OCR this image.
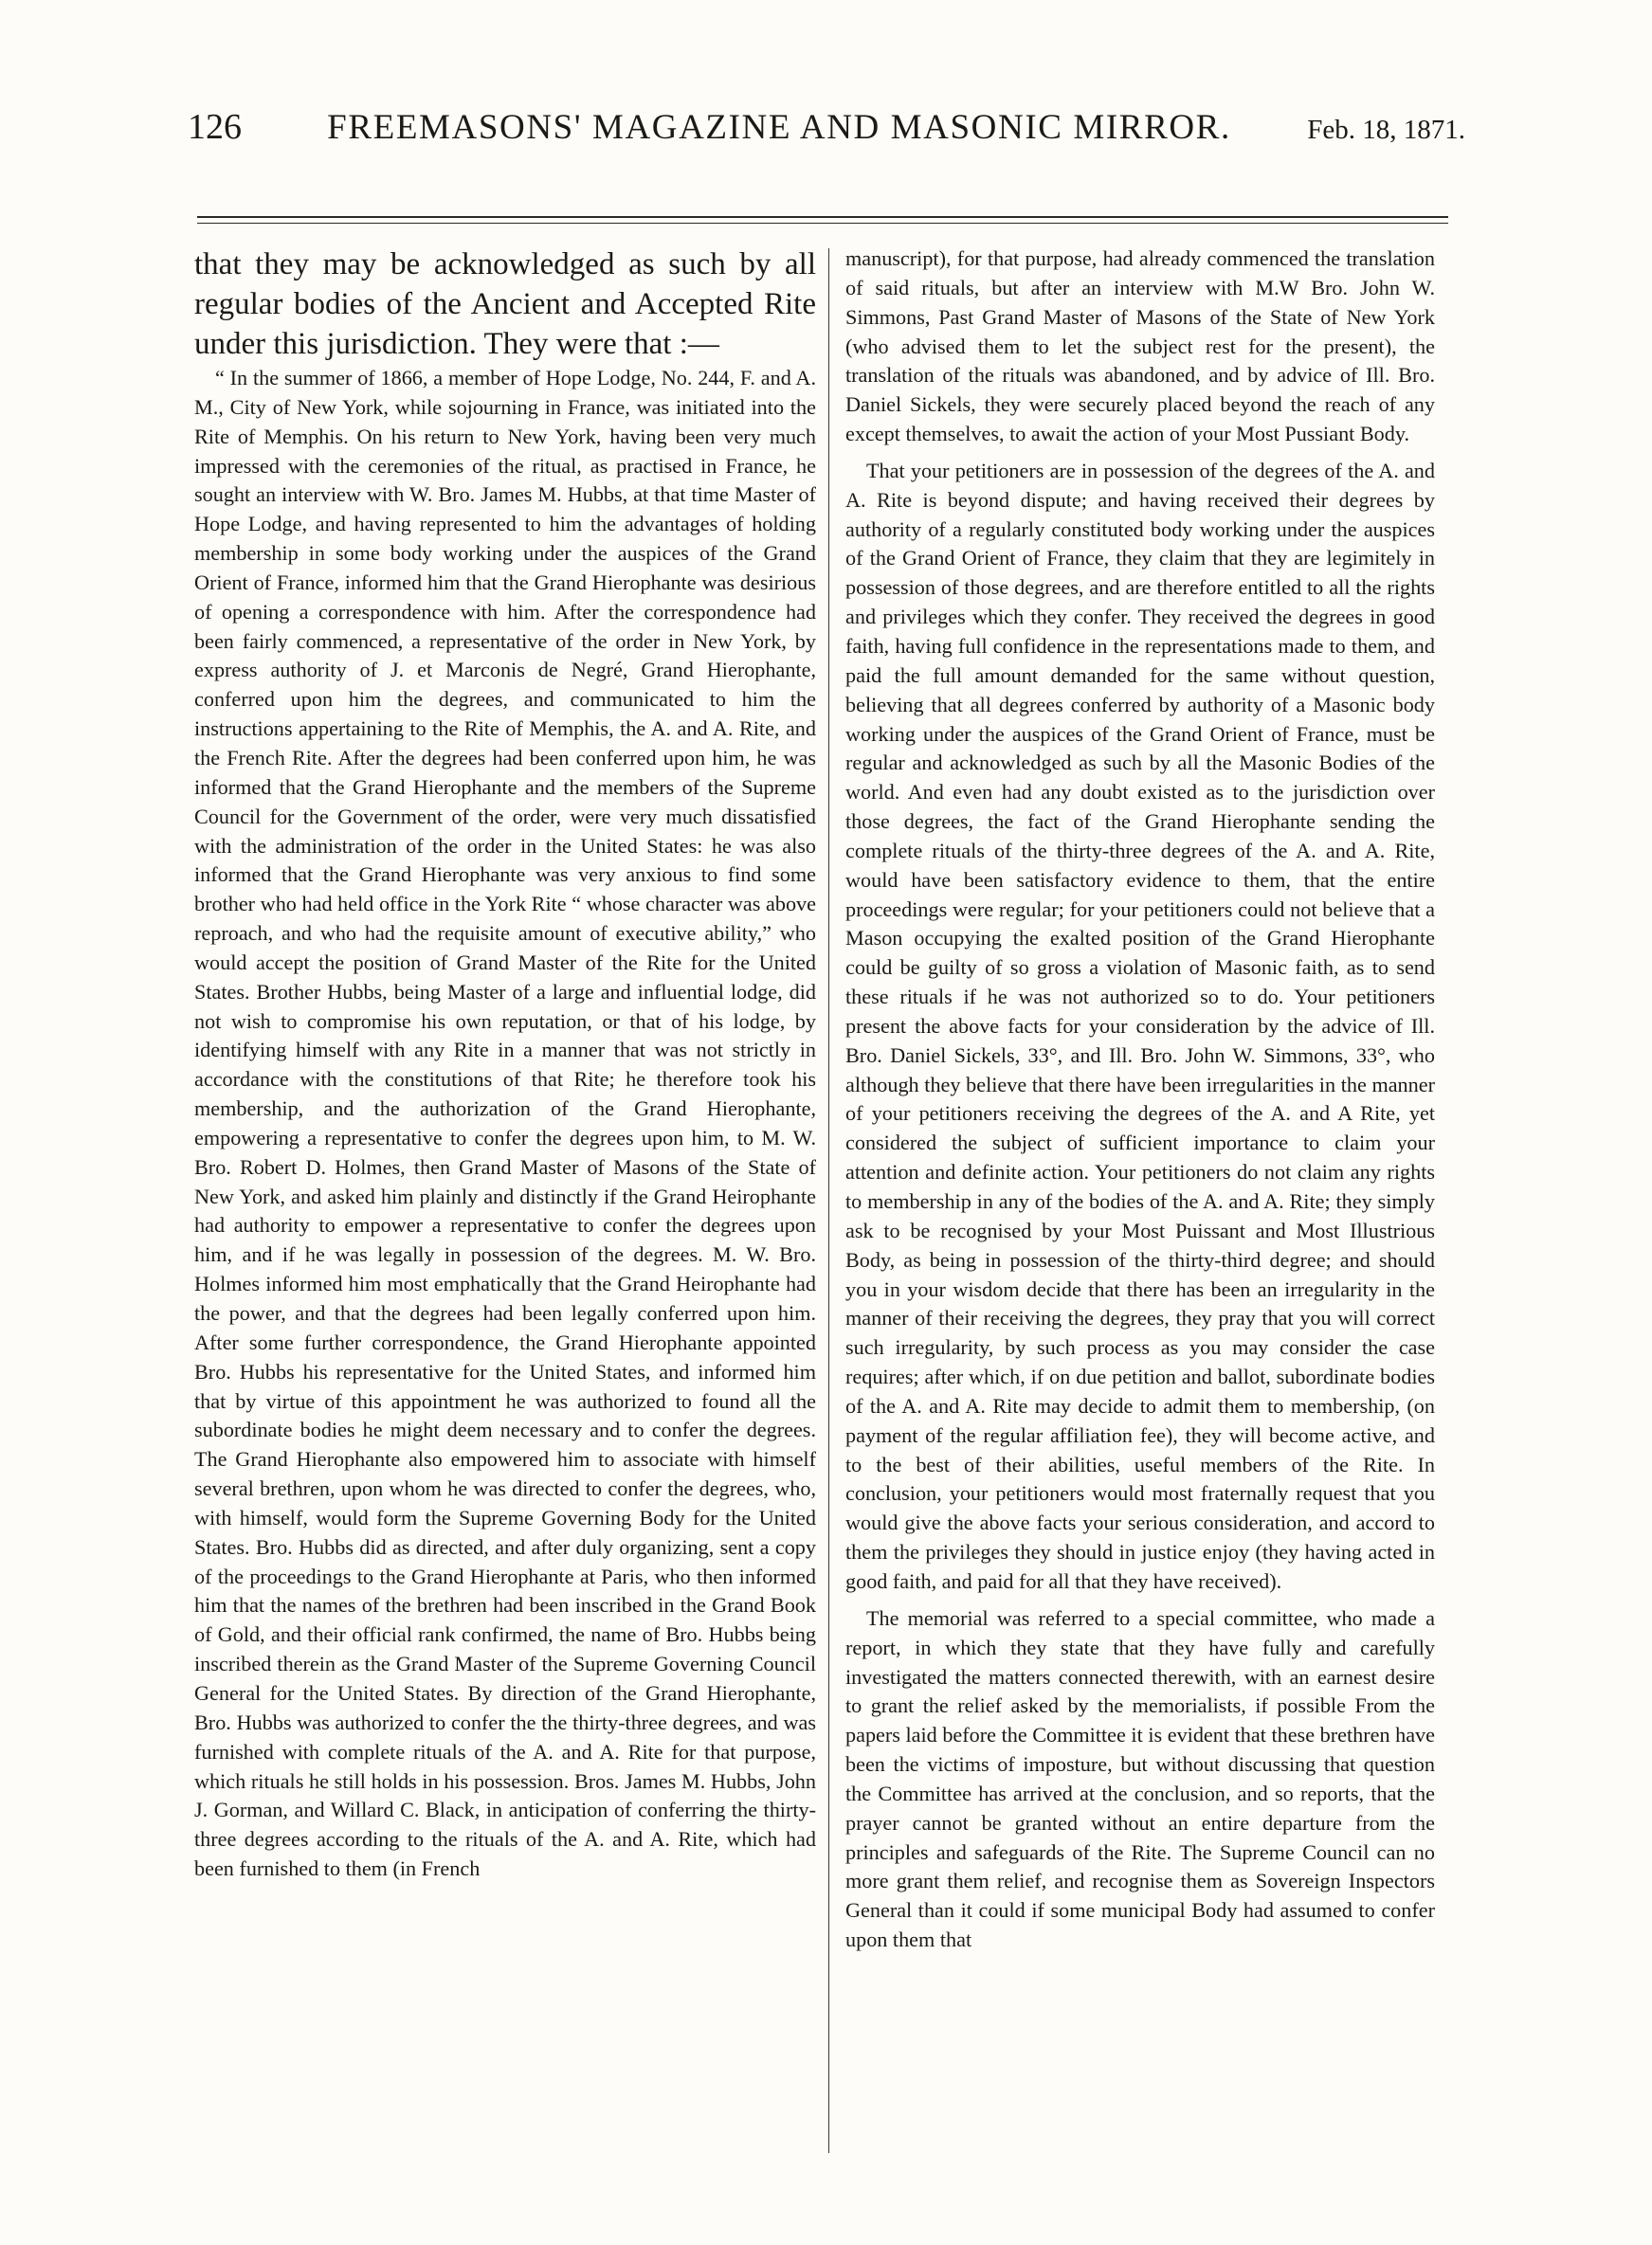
126	FREEMASONS' MAGAZINE AND MASONIC MIRROR.	Feb. 18, 1871.

that they may be acknowledged as such by all regular bodies of the Ancient and Accepted Rite under this jurisdiction. They were that :—

“ In the summer of 1866, a member of Hope Lodge, No. 244, F. and A. M., City of New York, while sojourning in France, was initiated into the Rite of Memphis. On his return to New York, having been very much impressed with the ceremonies of the ritual, as practised in France, he sought an interview with W. Bro. James M. Hubbs, at that time Master of Hope Lodge, and having represented to him the advantages of holding membership in some body working under the auspices of the Grand Orient of France, informed him that the Grand Hierophante was desirious of opening a correspondence with him. After the correspondence had been fairly commenced, a representative of the order in New York, by express authority of J. et Marconis de Negré, Grand Hierophante, conferred upon him the degrees, and communicated to him the instructions appertaining to the Rite of Memphis, the A. and A. Rite, and the French Rite. After the degrees had been conferred upon him, he was informed that the Grand Hierophante and the members of the Supreme Council for the Government of the order, were very much dissatisfied with the administration of the order in the United States: he was also informed that the Grand Hierophante was very anxious to find some brother who had held office in the York Rite “ whose character was above reproach, and who had the requisite amount of executive ability,” who would accept the position of Grand Master of the Rite for the United States. Brother Hubbs, being Master of a large and influential lodge, did not wish to compromise his own reputation, or that of his lodge, by identifying himself with any Rite in a manner that was not strictly in accordance with the constitutions of that Rite; he therefore took his membership, and the authorization of the Grand Hierophante, empowering a representative to confer the degrees upon him, to M. W. Bro. Robert D. Holmes, then Grand Master of Masons of the State of New York, and asked him plainly and distinctly if the Grand Heirophante had authority to empower a representative to confer the degrees upon him, and if he was legally in possession of the degrees. M. W. Bro. Holmes informed him most emphatically that the Grand Heirophante had the power, and that the degrees had been legally conferred upon him. After some further correspondence, the Grand Hierophante appointed Bro. Hubbs his representative for the United States, and informed him that by virtue of this appointment he was authorized to found all the subordinate bodies he might deem necessary and to confer the degrees. The Grand Hierophante also empowered him to associate with himself several brethren, upon whom he was directed to confer the degrees, who, with himself, would form the Supreme Governing Body for the United States. Bro. Hubbs did as directed, and after duly organizing, sent a copy of the proceedings to the Grand Hierophante at Paris, who then informed him that the names of the brethren had been inscribed in the Grand Book of Gold, and their official rank confirmed, the name of Bro. Hubbs being inscribed therein as the Grand Master of the Supreme Governing Council General for the United States. By direction of the Grand Hierophante, Bro. Hubbs was authorized to confer the the thirty-three degrees, and was furnished with complete rituals of the A. and A. Rite for that purpose, which rituals he still holds in his possession. Bros. James M. Hubbs, John J. Gorman, and Willard C. Black, in anticipation of conferring the thirty-three degrees according to the rituals of the A. and A. Rite, which had been furnished to them (in French

manuscript), for that purpose, had already commenced the translation of said rituals, but after an interview with M.W Bro. John W. Simmons, Past Grand Master of Masons of the State of New York (who advised them to let the subject rest for the present), the translation of the rituals was abandoned, and by advice of Ill. Bro. Daniel Sickels, they were securely placed beyond the reach of any except themselves, to await the action of your Most Pussiant Body.

That your petitioners are in possession of the degrees of the A. and A. Rite is beyond dispute; and having received their degrees by authority of a regularly constituted body working under the auspices of the Grand Orient of France, they claim that they are legimitely in possession of those degrees, and are therefore entitled to all the rights and privileges which they confer. They received the degrees in good faith, having full confidence in the representations made to them, and paid the full amount demanded for the same without question, believing that all degrees conferred by authority of a Masonic body working under the auspices of the Grand Orient of France, must be regular and acknowledged as such by all the Masonic Bodies of the world. And even had any doubt existed as to the jurisdiction over those degrees, the fact of the Grand Hierophante sending the complete rituals of the thirty-three degrees of the A. and A. Rite, would have been satisfactory evidence to them, that the entire proceedings were regular; for your petitioners could not believe that a Mason occupying the exalted position of the Grand Hierophante could be guilty of so gross a violation of Masonic faith, as to send these rituals if he was not authorized so to do. Your petitioners present the above facts for your consideration by the advice of Ill. Bro. Daniel Sickels, 33°, and Ill. Bro. John W. Simmons, 33°, who although they believe that there have been irregularities in the manner of your petitioners receiving the degrees of the A. and A Rite, yet considered the subject of sufficient importance to claim your attention and definite action. Your petitioners do not claim any rights to membership in any of the bodies of the A. and A. Rite; they simply ask to be recognised by your Most Puissant and Most Illustrious Body, as being in possession of the thirty-third degree; and should you in your wisdom decide that there has been an irregularity in the manner of their receiving the degrees, they pray that you will correct such irregularity, by such process as you may consider the case requires; after which, if on due petition and ballot, subordinate bodies of the A. and A. Rite may decide to admit them to membership, (on payment of the regular affiliation fee), they will become active, and to the best of their abilities, useful members of the Rite. In conclusion, your petitioners would most fraternally request that you would give the above facts your serious consideration, and accord to them the privileges they should in justice enjoy (they having acted in good faith, and paid for all that they have received).

The memorial was referred to a special committee, who made a report, in which they state that they have fully and carefully investigated the matters connected therewith, with an earnest desire to grant the relief asked by the memorialists, if possible From the papers laid before the Committee it is evident that these brethren have been the victims of imposture, but without discussing that question the Committee has arrived at the conclusion, and so reports, that the prayer cannot be granted without an entire departure from the principles and safeguards of the Rite. The Supreme Council can no more grant them relief, and recognise them as Sovereign Inspectors General than it could if some municipal Body had assumed to confer upon them that
